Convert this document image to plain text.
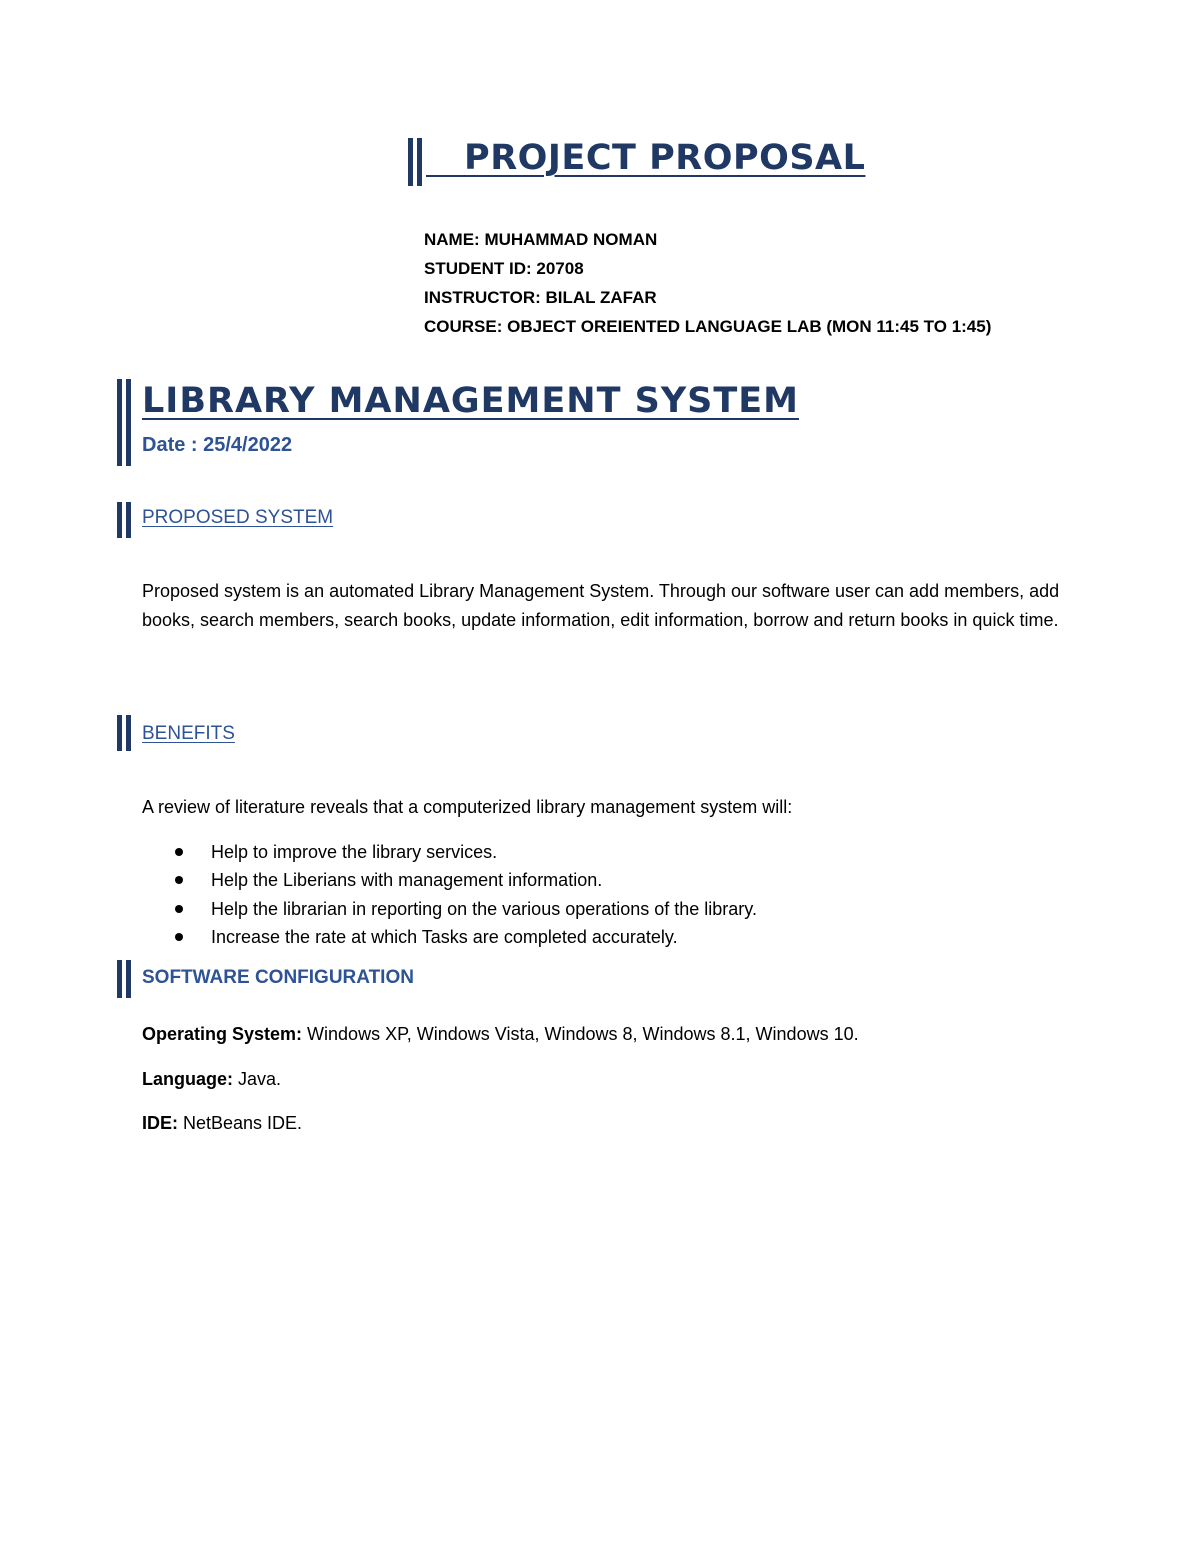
PROJECT PROPOSAL
NAME: MUHAMMAD NOMAN
STUDENT ID: 20708
INSTRUCTOR: BILAL ZAFAR
COURSE: OBJECT OREIENTED LANGUAGE LAB (MON 11:45 TO 1:45)
LIBRARY MANAGEMENT SYSTEM
Date : 25/4/2022
PROPOSED SYSTEM
Proposed system is an automated Library Management System. Through our software user can add members, add books, search members, search books, update information, edit information, borrow and return books in quick time.
BENEFITS
A review of literature reveals that a computerized library management system will:
Help to improve the library services.
Help the Liberians with management information.
Help the librarian in reporting on the various operations of the library.
Increase the rate at which Tasks are completed accurately.
SOFTWARE CONFIGURATION
Operating System: Windows XP, Windows Vista, Windows 8, Windows 8.1, Windows 10.
Language: Java.
IDE: NetBeans IDE.
